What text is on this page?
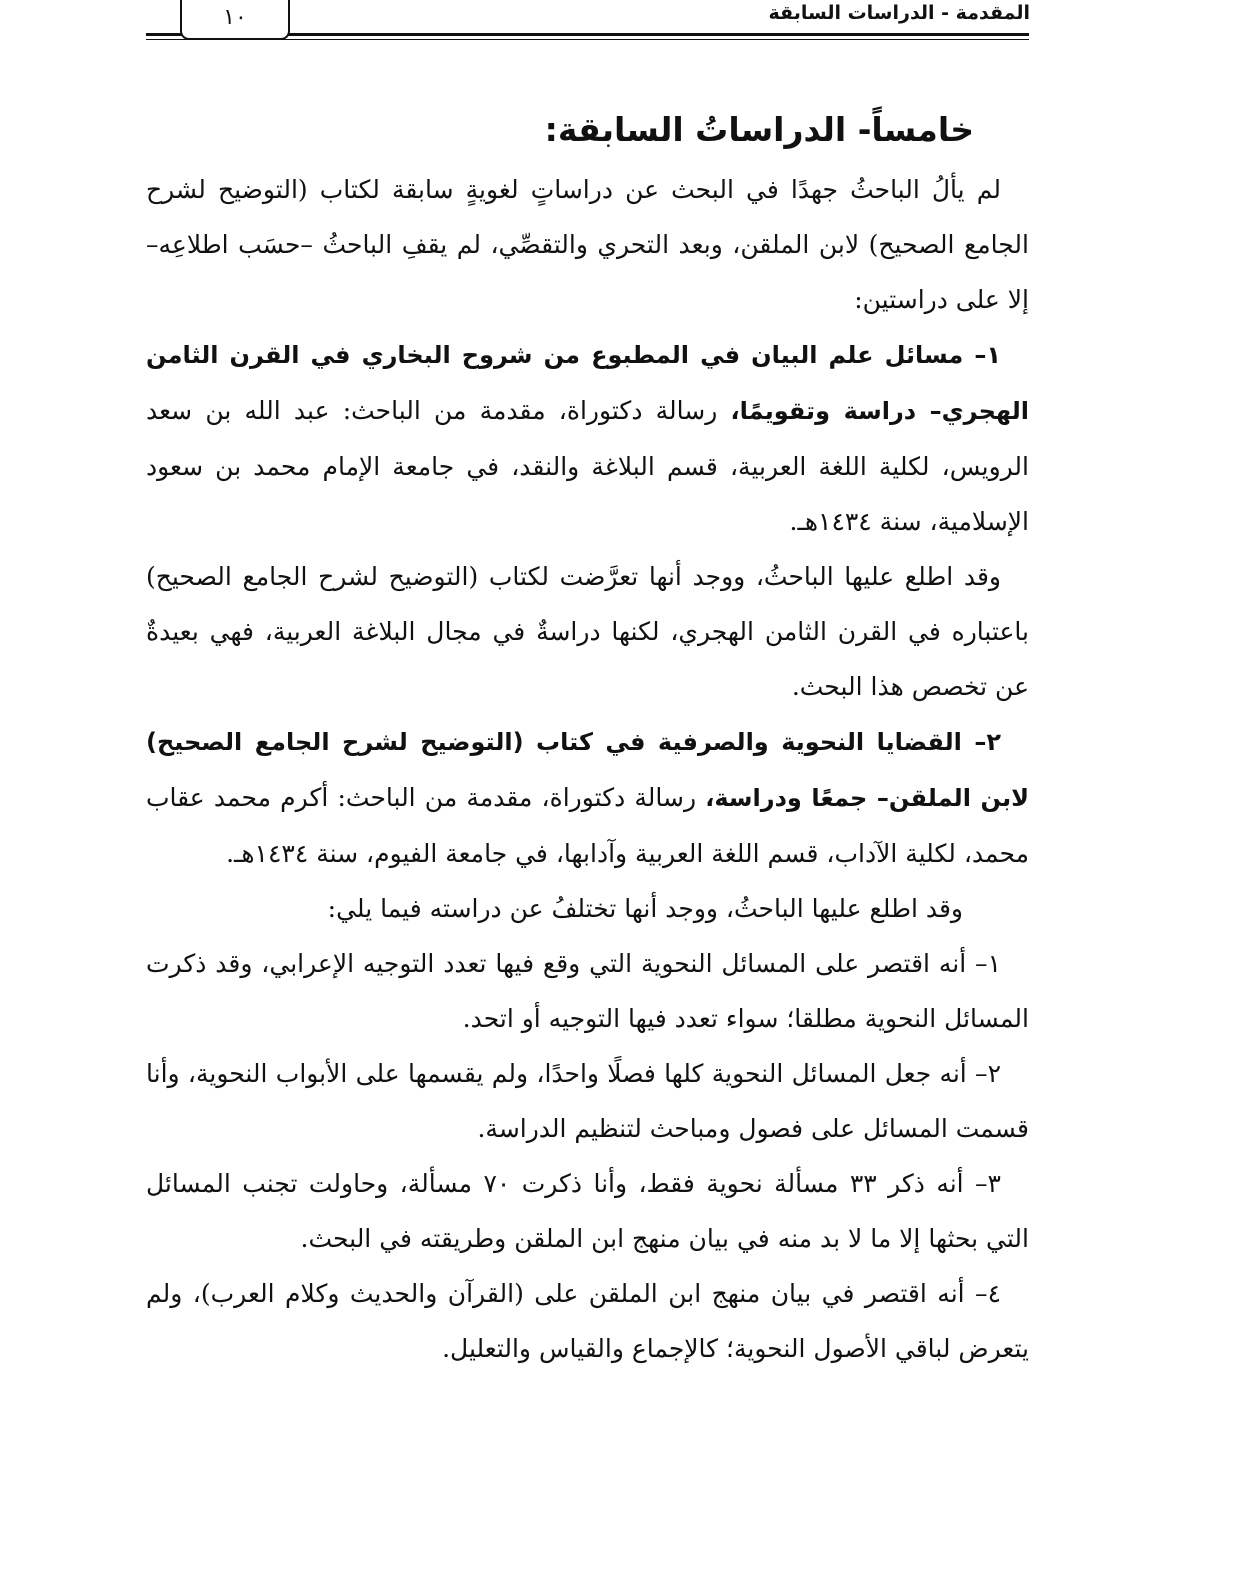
المقدمة - الدراسات السابقة
١٠
خامساً- الدراساتُ السابقة:

لم يألُ الباحثُ جهدًا في البحث عن دراساتٍ لغويةٍ سابقة لكتاب (التوضيح لشرح الجامع الصحيح) لابن الملقن، وبعد التحري والتقصِّي، لم يقفِ الباحثُ –حسَب اطلاعِه– إلا على دراستين:

١– مسائل علم البيان في المطبوع من شروح البخاري في القرن الثامن الهجري– دراسة وتقويمًا، رسالة دكتوراة، مقدمة من الباحث: عبد الله بن سعد الرويس، لكلية اللغة العربية، قسم البلاغة والنقد، في جامعة الإمام محمد بن سعود الإسلامية، سنة ١٤٣٤هـ.

وقد اطلع عليها الباحثُ، ووجد أنها تعرَّضت لكتاب (التوضيح لشرح الجامع الصحيح) باعتباره في القرن الثامن الهجري، لكنها دراسةٌ في مجال البلاغة العربية، فهي بعيدةٌ عن تخصص هذا البحث.

٢– القضايا النحوية والصرفية في كتاب (التوضيح لشرح الجامع الصحيح) لابن الملقن– جمعًا ودراسة، رسالة دكتوراة، مقدمة من الباحث: أكرم محمد عقاب محمد، لكلية الآداب، قسم اللغة العربية وآدابها، في جامعة الفيوم، سنة ١٤٣٤هـ.

وقد اطلع عليها الباحثُ، ووجد أنها تختلفُ عن دراسته فيما يلي:

١– أنه اقتصر على المسائل النحوية التي وقع فيها تعدد التوجيه الإعرابي، وقد ذكرت المسائل النحوية مطلقا؛ سواء تعدد فيها التوجيه أو اتحد.

٢– أنه جعل المسائل النحوية كلها فصلًا واحدًا، ولم يقسمها على الأبواب النحوية، وأنا قسمت المسائل على فصول ومباحث لتنظيم الدراسة.

٣– أنه ذكر ٣٣ مسألة نحوية فقط، وأنا ذكرت ٧٠ مسألة، وحاولت تجنب المسائل التي بحثها إلا ما لا بد منه في بيان منهج ابن الملقن وطريقته في البحث.

٤– أنه اقتصر في بيان منهج ابن الملقن على (القرآن والحديث وكلام العرب)، ولم يتعرض لباقي الأصول النحوية؛ كالإجماع والقياس والتعليل.
